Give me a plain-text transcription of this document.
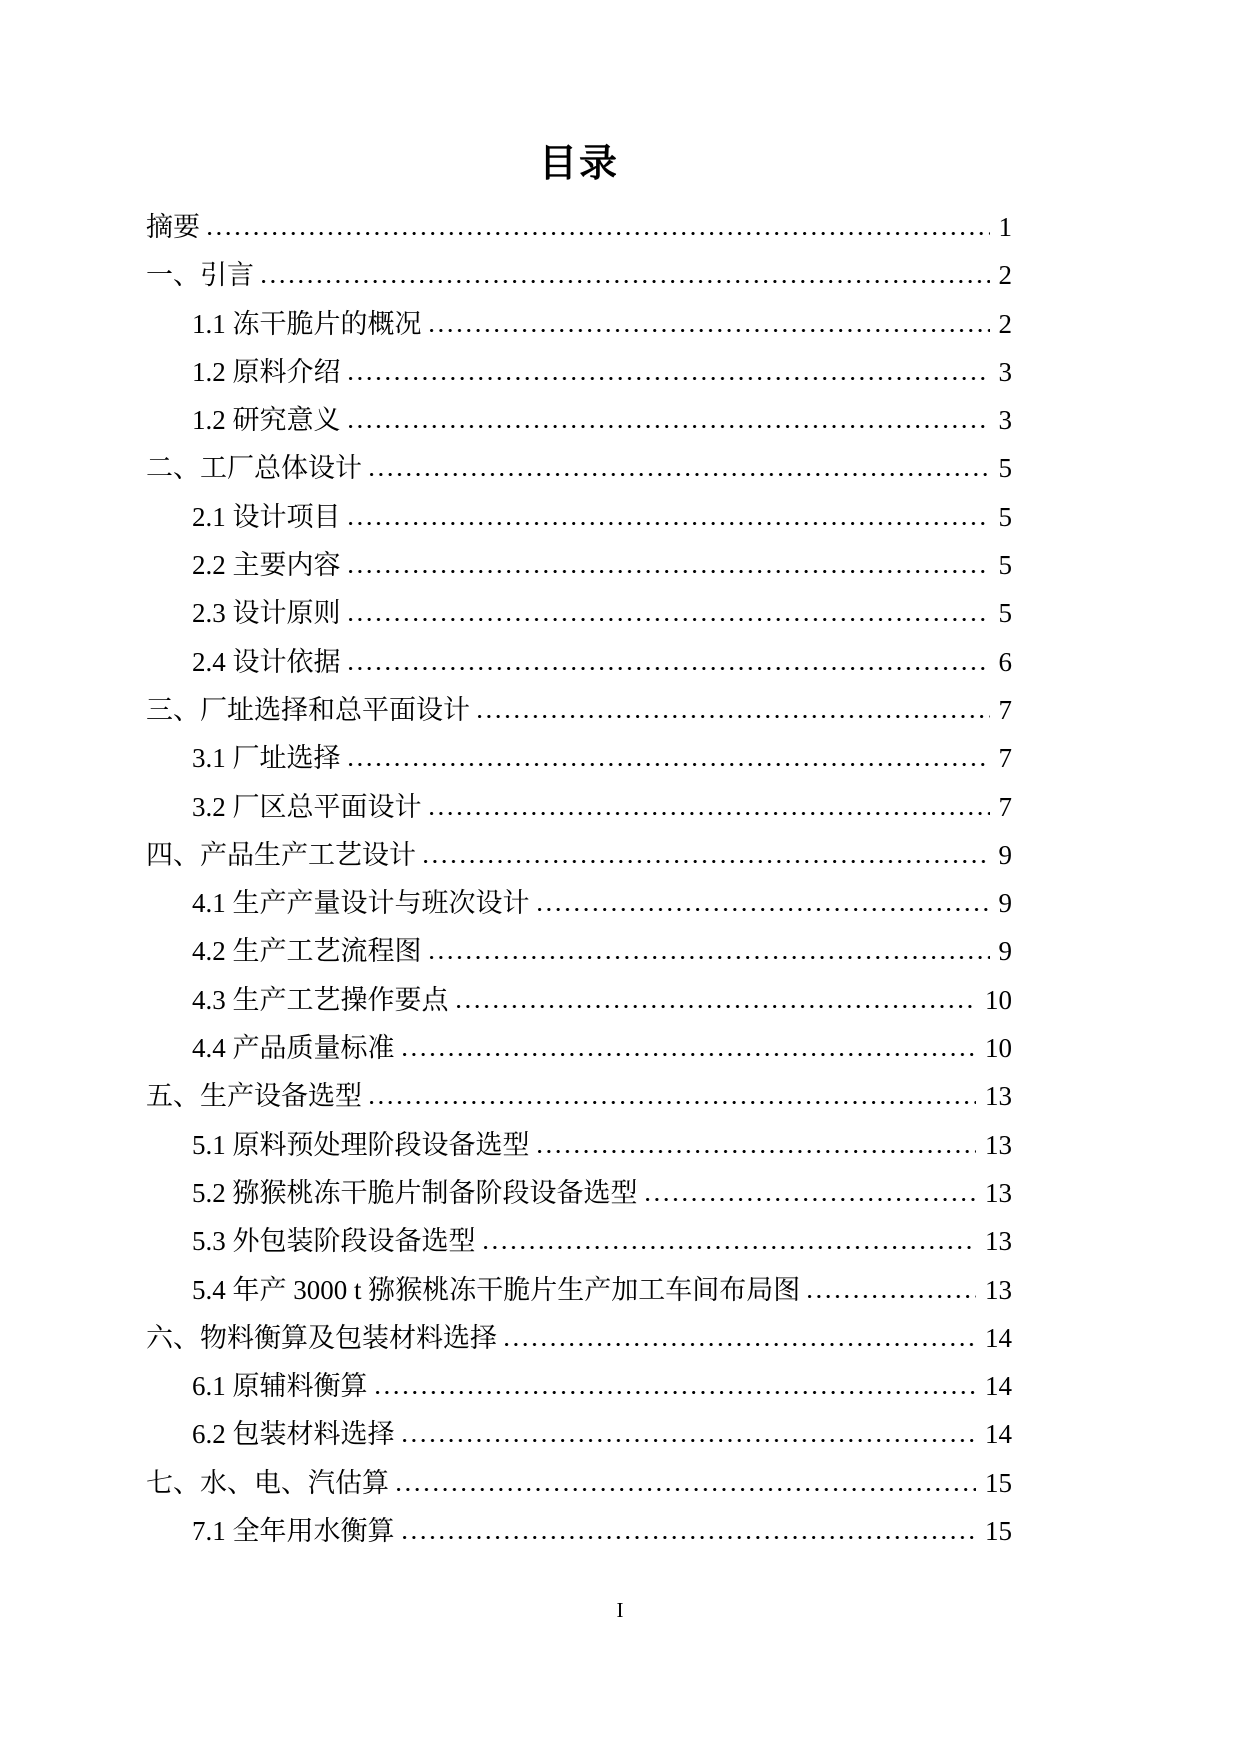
目录
摘要	1
一、引言	2
1.1 冻干脆片的概况	2
1.2 原料介绍	3
1.2 研究意义	3
二、工厂总体设计	5
2.1 设计项目	5
2.2 主要内容	5
2.3 设计原则	5
2.4 设计依据	6
三、厂址选择和总平面设计	7
3.1 厂址选择	7
3.2 厂区总平面设计	7
四、产品生产工艺设计	9
4.1 生产产量设计与班次设计	9
4.2 生产工艺流程图	9
4.3 生产工艺操作要点	10
4.4 产品质量标准	10
五、生产设备选型	13
5.1 原料预处理阶段设备选型	13
5.2 猕猴桃冻干脆片制备阶段设备选型	13
5.3 外包装阶段设备选型	13
5.4 年产 3000 t 猕猴桃冻干脆片生产加工车间布局图	13
六、物料衡算及包装材料选择	14
6.1 原辅料衡算	14
6.2 包装材料选择	14
七、水、电、汽估算	15
7.1 全年用水衡算	15
I
